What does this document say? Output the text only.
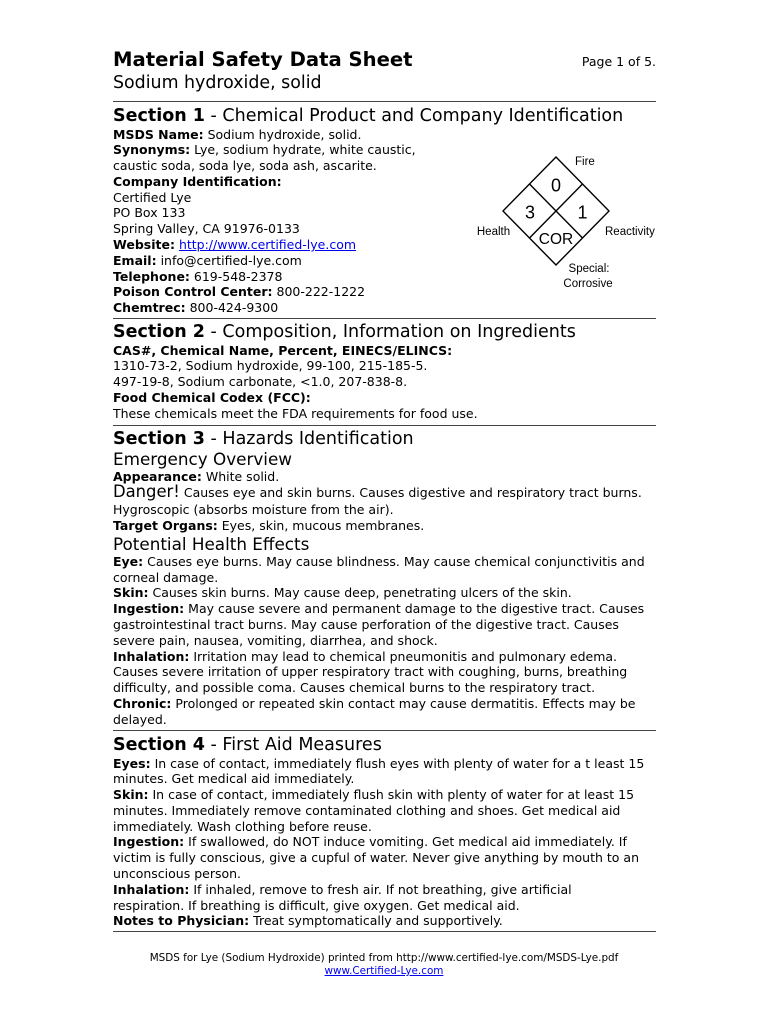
Material Safety Data Sheet	Page 1 of 5.
Sodium hydroxide, solid
Section 1 - Chemical Product and Company Identification
MSDS Name: Sodium hydroxide, solid.
Synonyms: Lye, sodium hydrate, white caustic,
caustic soda, soda lye, soda ash, ascarite.
Company Identification:
Certified Lye
PO Box 133
Spring Valley, CA 91976-0133
Website: http://www.certified-lye.com
Email: info@certified-lye.com
Telephone: 619-548-2378
Poison Control Center: 800-222-1222
Chemtrec: 800-424-9300
0
3 1
COR
Fire
Health	Reactivity
Special:
Corrosive
Section 2 - Composition, Information on Ingredients
CAS#, Chemical Name, Percent, EINECS/ELINCS:
1310-73-2, Sodium hydroxide, 99-100, 215-185-5.
497-19-8, Sodium carbonate, <1.0, 207-838-8.
Food Chemical Codex (FCC):
These chemicals meet the FDA requirements for food use.
Section 3 - Hazards Identification
Emergency Overview
Appearance: White solid.
Danger! Causes eye and skin burns. Causes digestive and respiratory tract burns.
Hygroscopic (absorbs moisture from the air).
Target Organs: Eyes, skin, mucous membranes.
Potential Health Effects
Eye: Causes eye burns. May cause blindness. May cause chemical conjunctivitis and
corneal damage.
Skin: Causes skin burns. May cause deep, penetrating ulcers of the skin.
Ingestion: May cause severe and permanent damage to the digestive tract. Causes
gastrointestinal tract burns. May cause perforation of the digestive tract. Causes
severe pain, nausea, vomiting, diarrhea, and shock.
Inhalation: Irritation may lead to chemical pneumonitis and pulmonary edema.
Causes severe irritation of upper respiratory tract with coughing, burns, breathing
difficulty, and possible coma. Causes chemical burns to the respiratory tract.
Chronic: Prolonged or repeated skin contact may cause dermatitis. Effects may be
delayed.
Section 4 - First Aid Measures
Eyes: In case of contact, immediately flush eyes with plenty of water for a t least 15
minutes. Get medical aid immediately.
Skin: In case of contact, immediately flush skin with plenty of water for at least 15
minutes. Immediately remove contaminated clothing and shoes. Get medical aid
immediately. Wash clothing before reuse.
Ingestion: If swallowed, do NOT induce vomiting. Get medical aid immediately. If
victim is fully conscious, give a cupful of water. Never give anything by mouth to an
unconscious person.
Inhalation: If inhaled, remove to fresh air. If not breathing, give artificial
respiration. If breathing is difficult, give oxygen. Get medical aid.
Notes to Physician: Treat symptomatically and supportively.
MSDS for Lye (Sodium Hydroxide) printed from http://www.certified-lye.com/MSDS-Lye.pdf
www.Certified-Lye.com
